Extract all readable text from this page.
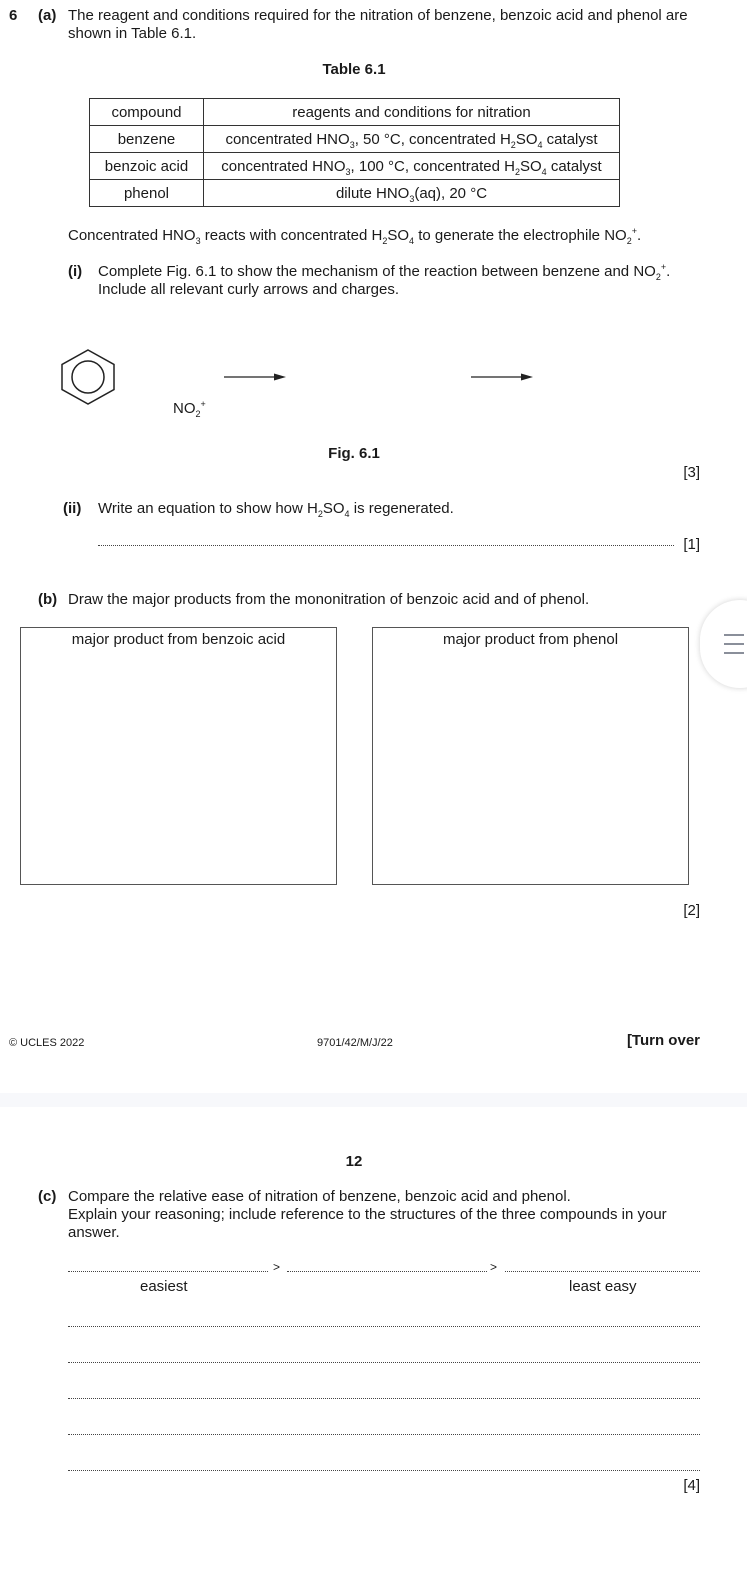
6 (a) The reagent and conditions required for the nitration of benzene, benzoic acid and phenol are
shown in Table 6.1.
Table 6.1
compound	reagents and conditions for nitration
benzene	concentrated $HNO_3$, 50 °C, concentrated $H_2SO_4$ catalyst
benzoic acid	concentrated $HNO_3$, 100 °C, concentrated $H_2SO_4$ catalyst
phenol	dilute $HNO_3(aq)$, 20 °C
Concentrated $HNO_3$ reacts with concentrated $H_2SO_4$ to generate the electrophile $NO_2^+$.
(i) Complete Fig. 6.1 to show the mechanism of the reaction between benzene and $NO_2^+$.
Include all relevant curly arrows and charges.
$NO_2^+$
Fig. 6.1
[3]
(ii) Write an equation to show how $H_2SO_4$ is regenerated.
[1]
(b) Draw the major products from the mononitration of benzoic acid and of phenol.
major product from benzoic acid	major product from phenol
[2]
© UCLES 2022	9701/42/M/J/22	[Turn over
12
(c) Compare the relative ease of nitration of benzene, benzoic acid and phenol.
Explain your reasoning; include reference to the structures of the three compounds in your
answer.
>	>
easiest	least easy
[4]
